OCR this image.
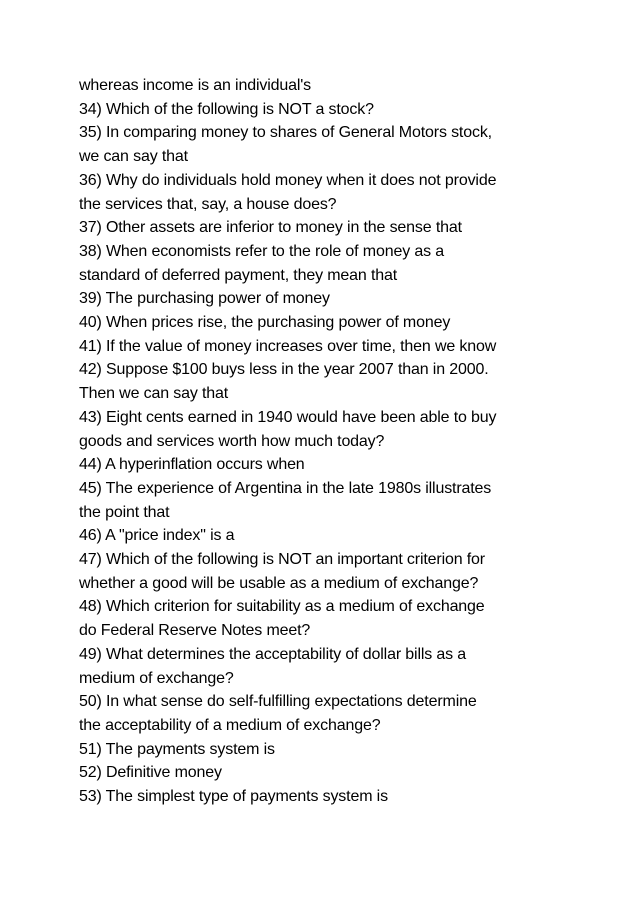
whereas income is an individual's
34) Which of the following is NOT a stock?
35) In comparing money to shares of General Motors stock,
we can say that
36) Why do individuals hold money when it does not provide
the services that, say, a house does?
37) Other assets are inferior to money in the sense that
38) When economists refer to the role of money as a
standard of deferred payment, they mean that
39) The purchasing power of money
40) When prices rise, the purchasing power of money
41) If the value of money increases over time, then we know
42) Suppose $100 buys less in the year 2007 than in 2000.
Then we can say that
43) Eight cents earned in 1940 would have been able to buy
goods and services worth how much today?
44) A hyperinflation occurs when
45) The experience of Argentina in the late 1980s illustrates
the point that
46) A "price index" is a
47) Which of the following is NOT an important criterion for
whether a good will be usable as a medium of exchange?
48) Which criterion for suitability as a medium of exchange
do Federal Reserve Notes meet?
49) What determines the acceptability of dollar bills as a
medium of exchange?
50) In what sense do self-fulfilling expectations determine
the acceptability of a medium of exchange?
51) The payments system is
52) Definitive money
53) The simplest type of payments system is
